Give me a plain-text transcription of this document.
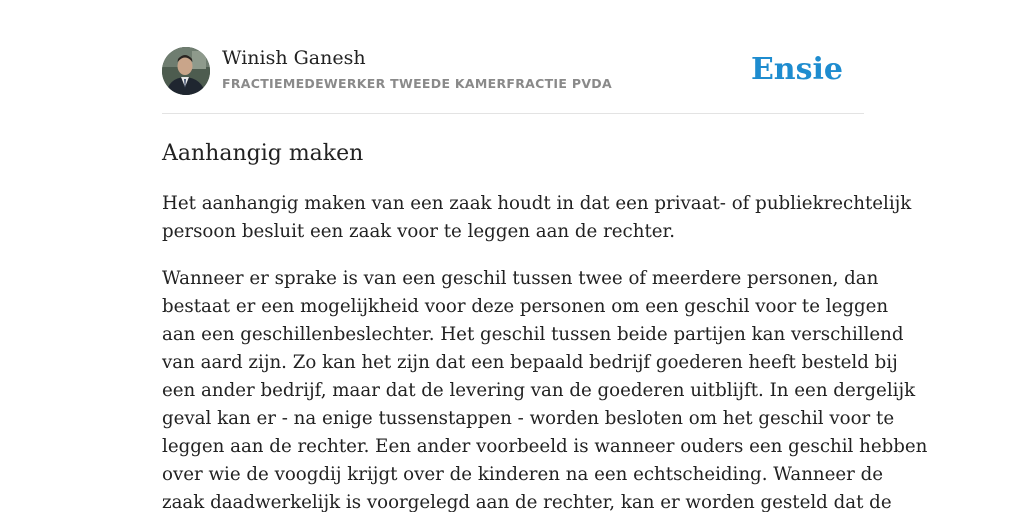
Winish Ganesh
FRACTIEMEDEWERKER TWEEDE KAMERFRACTIE PVDA	Ensie
Aanhangig maken

Het aanhangig maken van een zaak houdt in dat een privaat- of publiekrechtelijk
persoon besluit een zaak voor te leggen aan de rechter.

Wanneer er sprake is van een geschil tussen twee of meerdere personen, dan
bestaat er een mogelijkheid voor deze personen om een geschil voor te leggen
aan een geschillenbeslechter. Het geschil tussen beide partijen kan verschillend
van aard zijn. Zo kan het zijn dat een bepaald bedrijf goederen heeft besteld bij
een ander bedrijf, maar dat de levering van de goederen uitblijft. In een dergelijk
geval kan er - na enige tussenstappen - worden besloten om het geschil voor te
leggen aan de rechter. Een ander voorbeeld is wanneer ouders een geschil hebben
over wie de voogdij krijgt over de kinderen na een echtscheiding. Wanneer de
zaak daadwerkelijk is voorgelegd aan de rechter, kan er worden gesteld dat de
